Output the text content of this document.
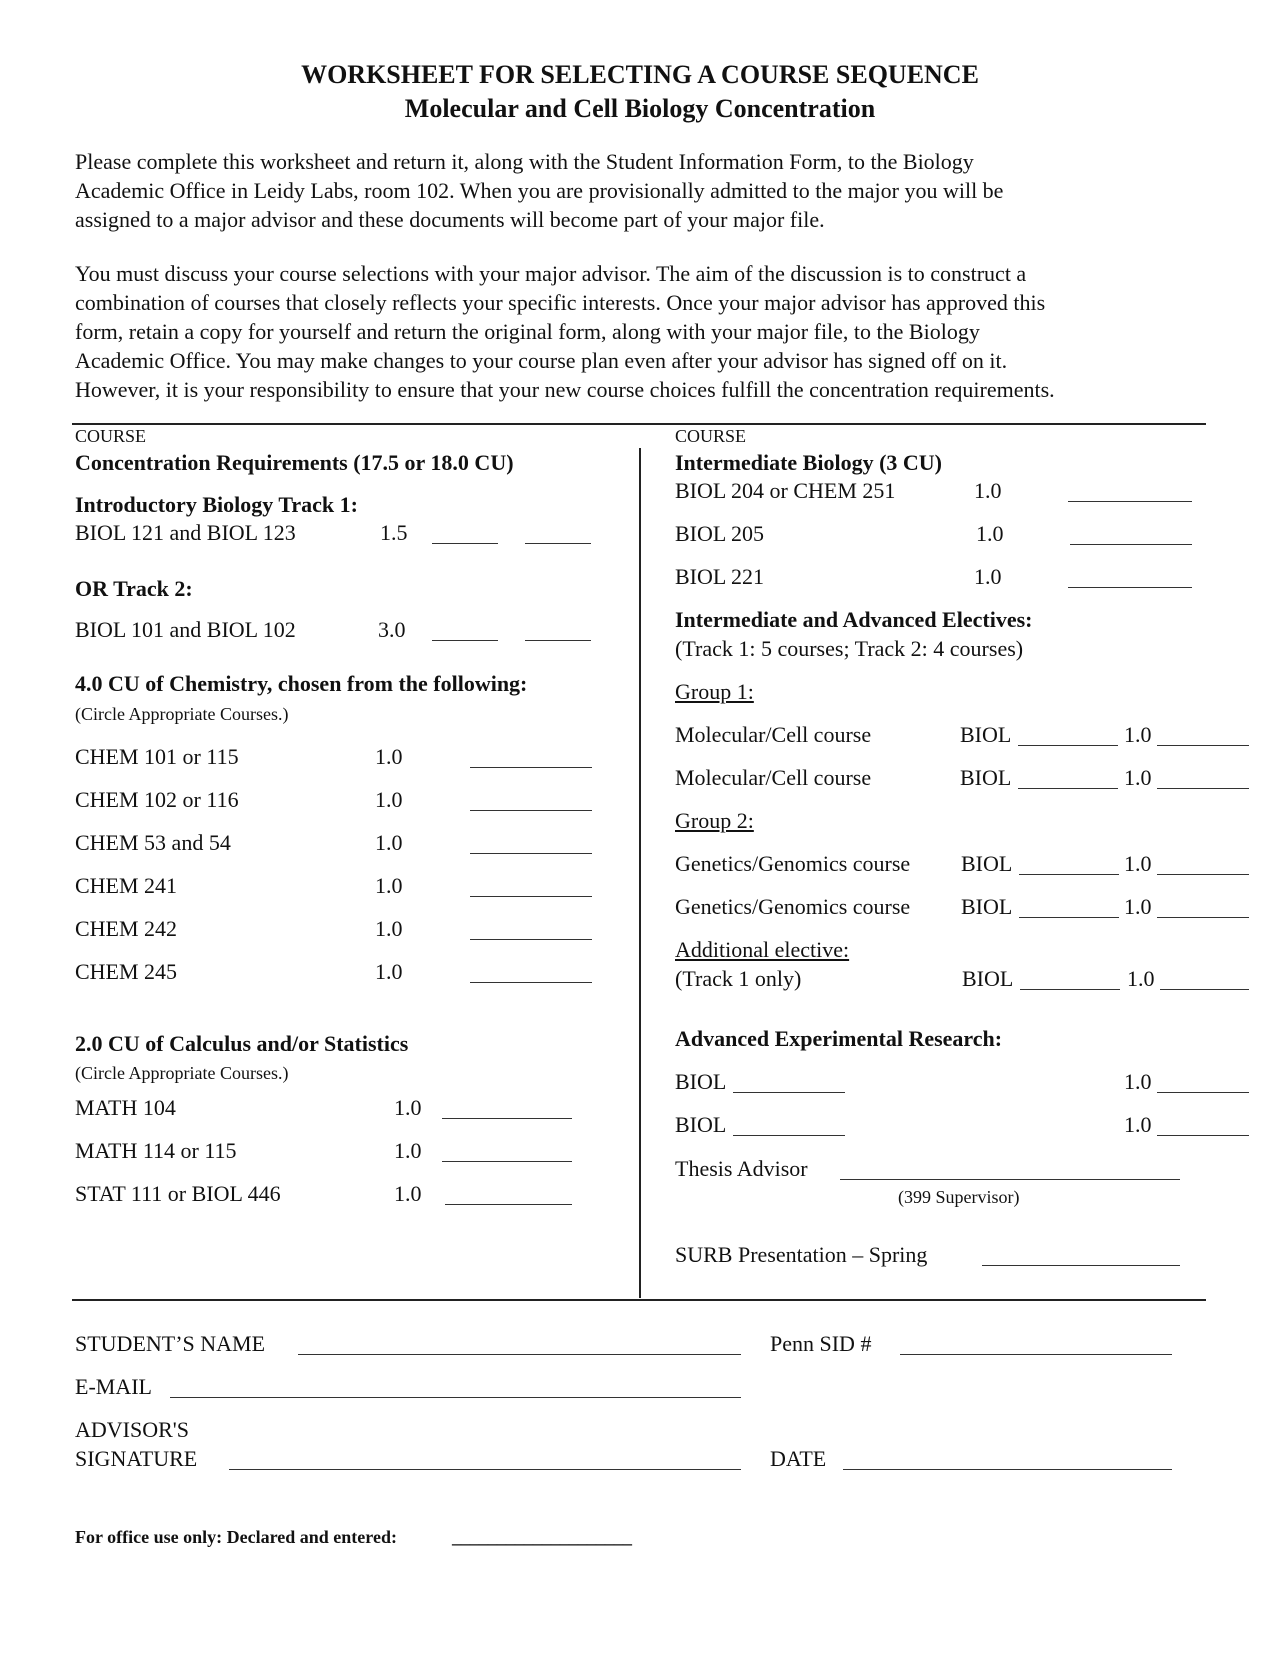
WORKSHEET FOR SELECTING A COURSE SEQUENCE
Molecular and Cell Biology Concentration
Please complete this worksheet and return it, along with the Student Information Form, to the Biology
Academic Office in Leidy Labs, room 102. When you are provisionally admitted to the major you will be
assigned to a major advisor and these documents will become part of your major file.
You must discuss your course selections with your major advisor. The aim of the discussion is to construct a
combination of courses that closely reflects your specific interests. Once your major advisor has approved this
form, retain a copy for yourself and return the original form, along with your major file, to the Biology
Academic Office. You may make changes to your course plan even after your advisor has signed off on it.
However, it is your responsibility to ensure that your new course choices fulfill the concentration requirements.
COURSE
Concentration Requirements (17.5 or 18.0 CU)
Introductory Biology Track 1:
BIOL 121 and BIOL 123	1.5
OR Track 2:
BIOL 101 and BIOL 102	3.0
4.0 CU of Chemistry, chosen from the following:
(Circle Appropriate Courses.)
CHEM 101 or 115	1.0
CHEM 102 or 116	1.0
CHEM 53 and 54	1.0
CHEM 241	1.0
CHEM 242	1.0
CHEM 245	1.0
2.0 CU of Calculus and/or Statistics
(Circle Appropriate Courses.)
MATH 104	1.0
MATH 114 or 115	1.0
STAT 111 or BIOL 446	1.0
COURSE
Intermediate Biology (3 CU)
BIOL 204 or CHEM 251	1.0
BIOL 205	1.0
BIOL 221	1.0
Intermediate and Advanced Electives:
(Track 1: 5 courses; Track 2: 4 courses)
Group 1:
Molecular/Cell course	BIOL	1.0
Molecular/Cell course	BIOL	1.0
Group 2:
Genetics/Genomics course BIOL	1.0
Genetics/Genomics course BIOL	1.0
Additional elective:
(Track 1 only)	BIOL	1.0
Advanced Experimental Research:
BIOL	1.0
BIOL	1.0
Thesis Advisor
(399 Supervisor)
SURB Presentation – Spring
STUDENT’S NAME	Penn SID #
E-MAIL
ADVISOR'S
SIGNATURE	DATE
For office use only: Declared and entered:	____________________
